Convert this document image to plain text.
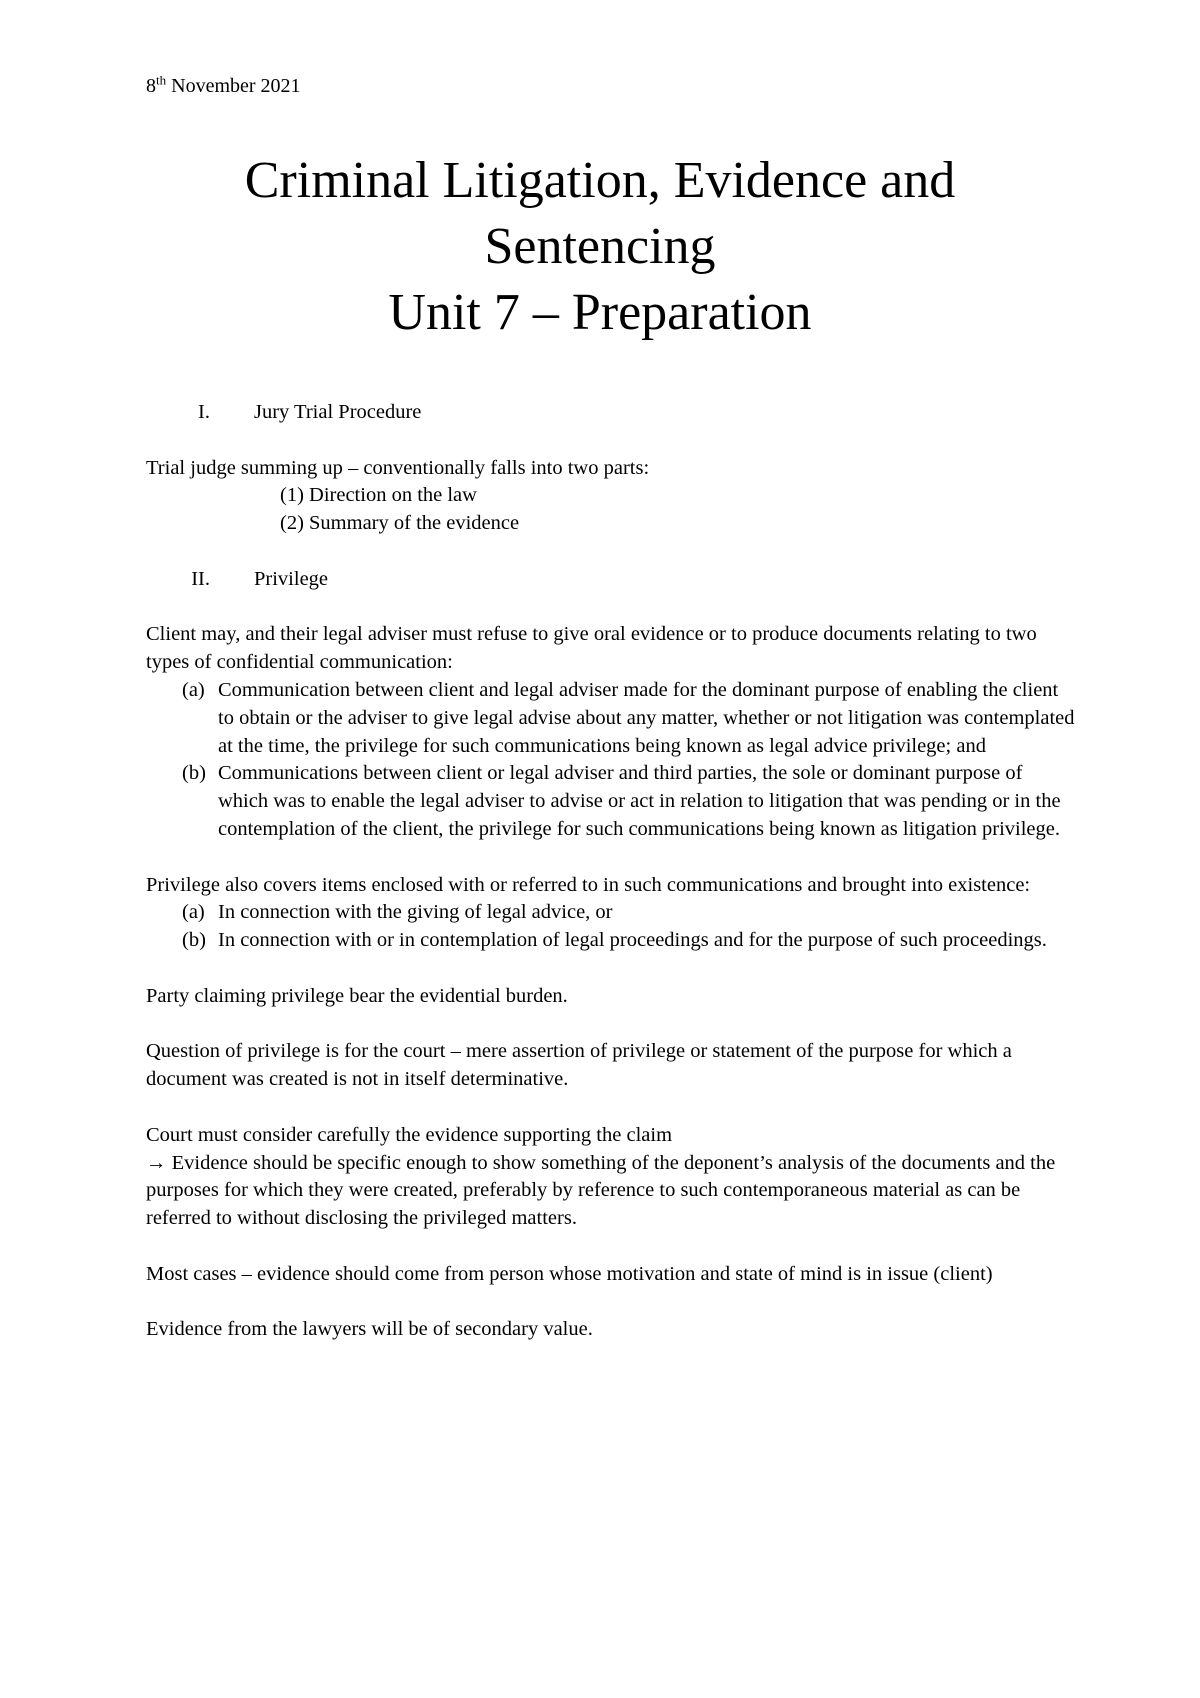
8th November 2021

Criminal Litigation, Evidence and
Sentencing
Unit 7 – Preparation
I. Jury Trial Procedure

Trial judge summing up – conventionally falls into two parts:

(1) Direction on the law
(2) Summary of the evidence
II. Privilege

Client may, and their legal adviser must refuse to give oral evidence or to produce documents relating to two types of confidential communication:

(a) Communication between client and legal adviser made for the dominant purpose of enabling the client to obtain or the adviser to give legal advise about any matter, whether or not litigation was contemplated at the time, the privilege for such communications being known as legal advice privilege; and
(b) Communications between client or legal adviser and third parties, the sole or dominant purpose of which was to enable the legal adviser to advise or act in relation to litigation that was pending or in the contemplation of the client, the privilege for such communications being known as litigation privilege.

Privilege also covers items enclosed with or referred to in such communications and brought into existence:

(a) In connection with the giving of legal advice, or
(b) In connection with or in contemplation of legal proceedings and for the purpose of such proceedings.

Party claiming privilege bear the evidential burden.

Question of privilege is for the court – mere assertion of privilege or statement of the purpose for which a document was created is not in itself determinative.

Court must consider carefully the evidence supporting the claim

→ Evidence should be specific enough to show something of the deponent’s analysis of the documents and the purposes for which they were created, preferably by reference to such contemporaneous material as can be referred to without disclosing the privileged matters.

Most cases – evidence should come from person whose motivation and state of mind is in issue (client)

Evidence from the lawyers will be of secondary value.
